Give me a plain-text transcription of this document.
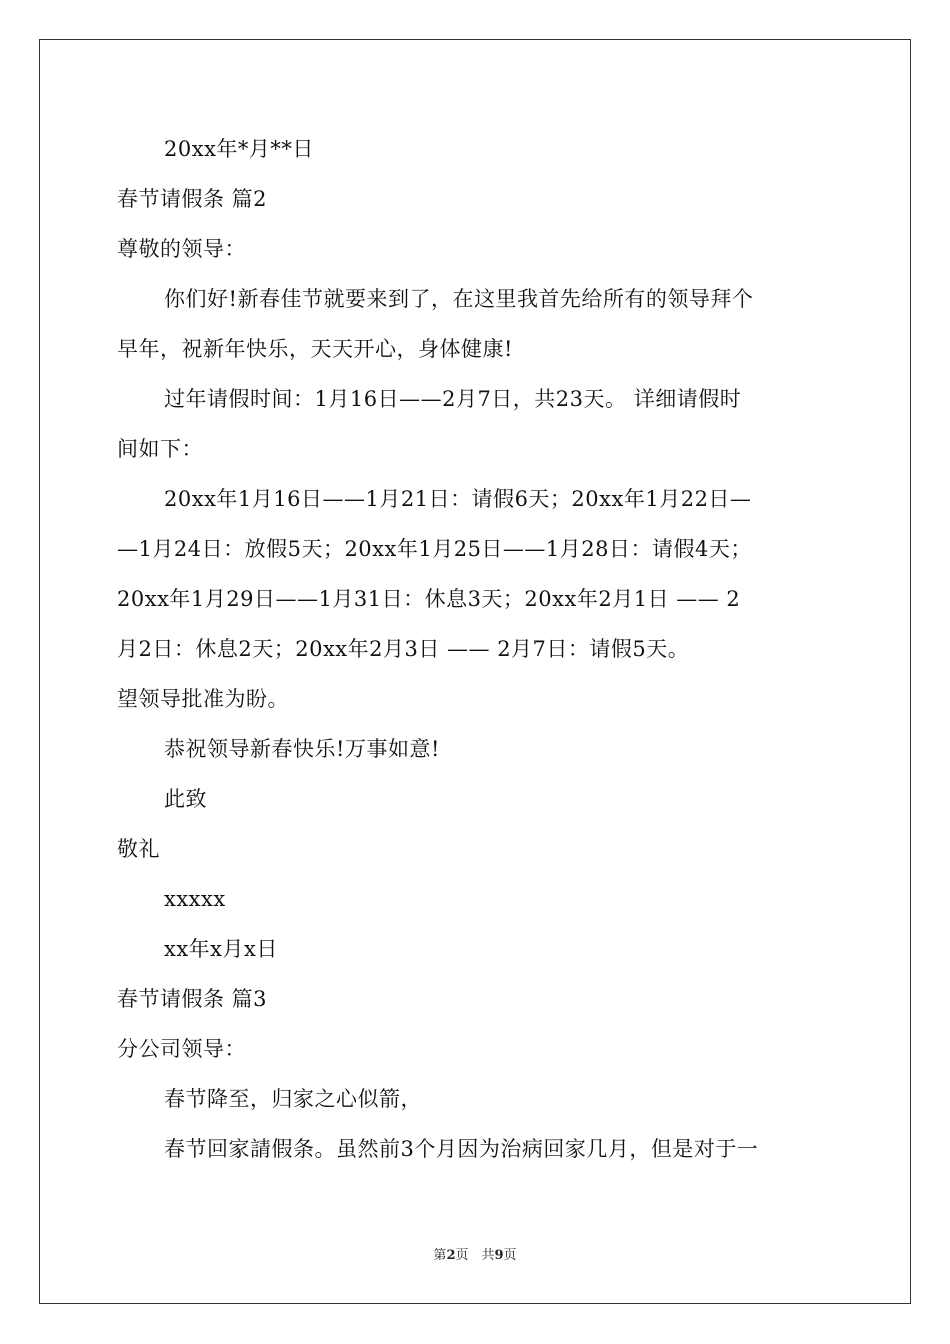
20xx年*月**日
春节请假条 篇2
尊敬的领导：
你们好!新春佳节就要来到了，在这里我首先给所有的领导拜个
早年，祝新年快乐，天天开心，身体健康!
过年请假时间：1月16日——2月7日，共23天。 详细请假时
间如下：
20xx年1月16日——1月21日：请假6天；20xx年1月22日—
—1月24日：放假5天；20xx年1月25日——1月28日：请假4天；
20xx年1月29日——1月31日：休息3天；20xx年2月1日 —— 2
月2日：休息2天；20xx年2月3日 —— 2月7日：请假5天。
望领导批准为盼。
恭祝领导新春快乐!万事如意!
此致
敬礼
xxxxx
xx年x月x日
春节请假条 篇3
分公司领导：
春节降至，归家之心似箭，
春节回家請假条。虽然前3个月因为治病回家几月，但是对于一
第2页　共9页
